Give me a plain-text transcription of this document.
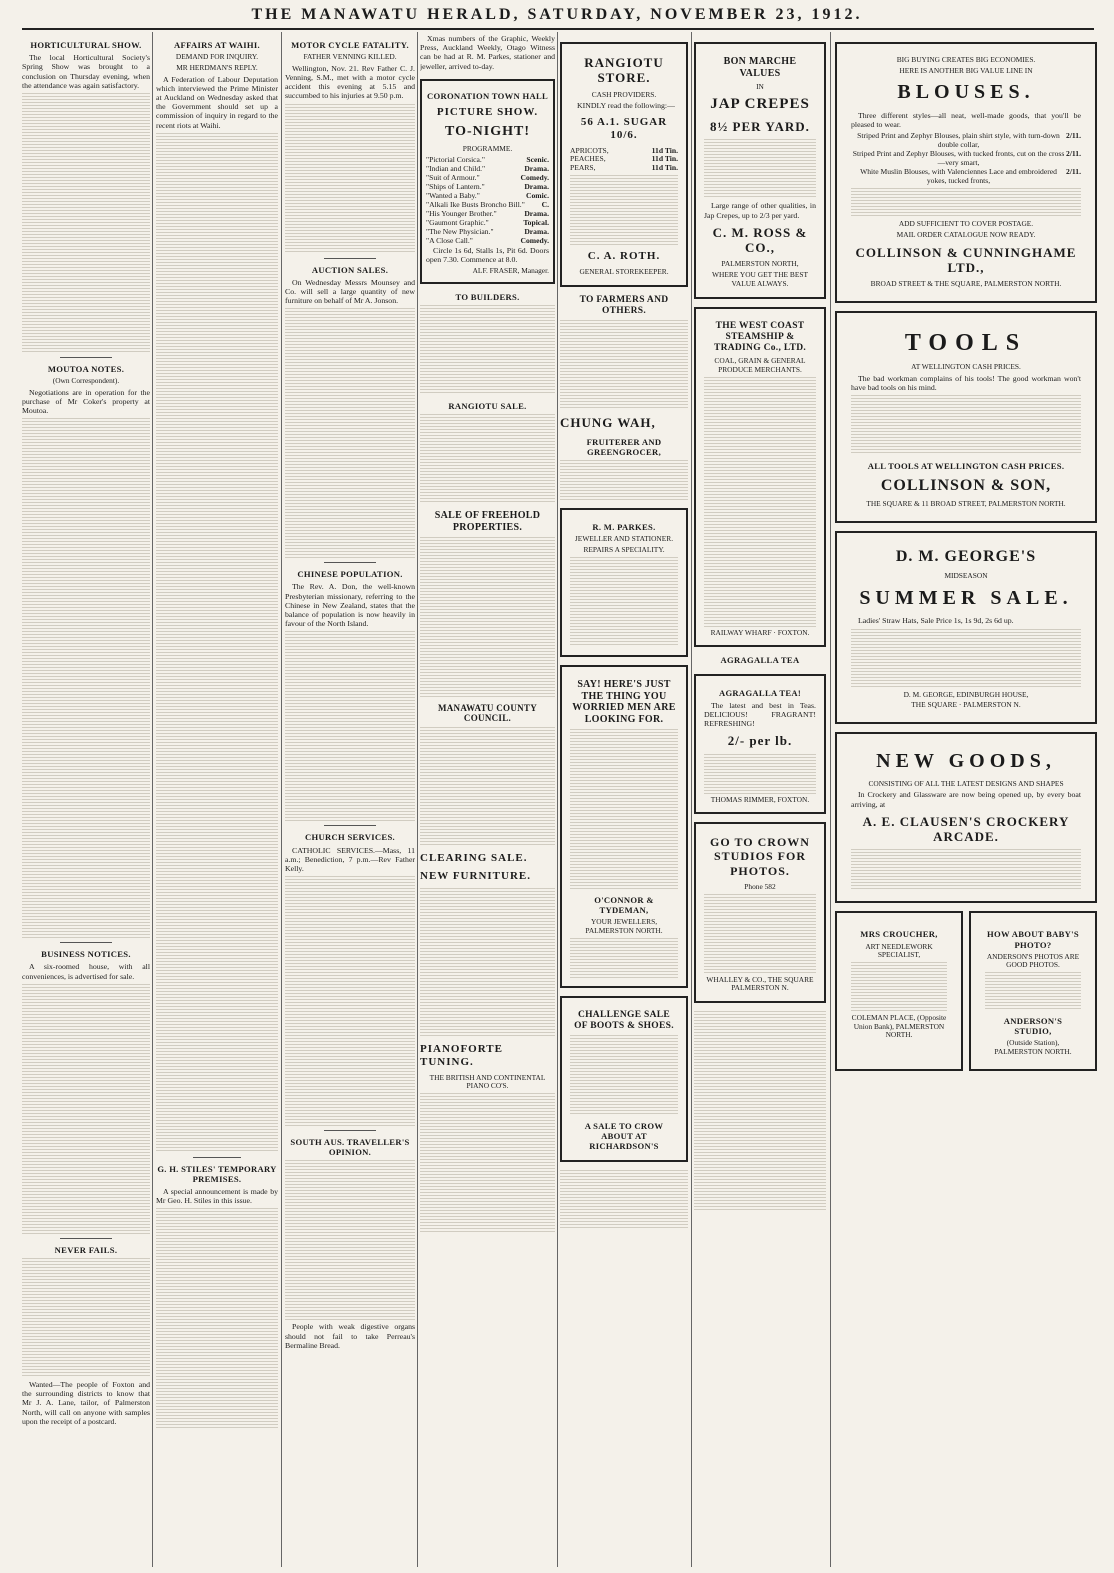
THE MANAWATU HERALD, SATURDAY, NOVEMBER 23, 1912.
HORTICULTURAL SHOW.

The local Horticultural Society's Spring Show was brought to a conclusion on Thursday evening, when the attendance was again satisfactory.

MOUTOA NOTES.
(Own Correspondent).

Negotiations are in operation for the purchase of Mr Coker's property at Moutoa.

BUSINESS NOTICES.

A six-roomed house, with all conveniences, is advertised for sale.

NEVER FAILS.

Wanted—The people of Foxton and the surrounding districts to know that Mr J. A. Lane, tailor, of Palmerston North, will call on anyone with samples upon the receipt of a postcard.

AFFAIRS AT WAIHI.
DEMAND FOR INQUIRY.
MR HERDMAN'S REPLY.

A Federation of Labour Deputation which interviewed the Prime Minister at Auckland on Wednesday asked that the Government should set up a commission of inquiry in regard to the recent riots at Waihi.

G. H. STILES' TEMPORARY PREMISES.

A special announcement is made by Mr Geo. H. Stiles in this issue.

MOTOR CYCLE FATALITY.
FATHER VENNING KILLED.

Wellington, Nov. 21. Rev Father C. J. Venning, S.M., met with a motor cycle accident this evening at 5.15 and succumbed to his injuries at 9.50 p.m.

AUCTION SALES.

On Wednesday Messrs Mounsey and Co. will sell a large quantity of new furniture on behalf of Mr A. Jonson.

CHINESE POPULATION.

The Rev. A. Don, the well-known Presbyterian missionary, referring to the Chinese in New Zealand, states that the balance of population is now heavily in favour of the North Island.

CHURCH SERVICES.

CATHOLIC SERVICES.—Mass, 11 a.m.; Benediction, 7 p.m.—Rev Father Kelly.

SOUTH AUS. TRAVELLER'S OPINION.

People with weak digestive organs should not fail to take Perreau's Bermaline Bread.

Xmas numbers of the Graphic, Weekly Press, Auckland Weekly, Otago Witness can be had at R. M. Parkes, stationer and jeweller, arrived to-day.

CORONATION TOWN HALL
PICTURE SHOW.
TO-NIGHT!
PROGRAMME.
"Pictorial Corsica."	Scenic.
"Indian and Child."	Drama.
"Suit of Armour."	Comedy.
"Ships of Lantern."	Drama.
"Wanted a Baby."	Comic.
"Alkali Ike Busts Broncho Bill." C.
"His Younger Brother."	Drama.
"Gaumont Graphic."	Topical.
"The New Physician."	Drama.
"A Close Call."	Comedy.

Circle 1s 6d, Stalls 1s, Pit 6d. Doors open 7.30. Commence at 8.0.

ALF. FRASER, Manager.
TO BUILDERS.
RANGIOTU SALE.
SALE OF FREEHOLD PROPERTIES.
MANAWATU COUNTY COUNCIL.
CLEARING SALE.
NEW FURNITURE.
PIANOFORTE TUNING.
THE BRITISH AND CONTINENTAL PIANO CO'S.
RANGIOTU STORE.
CASH PROVIDERS.

KINDLY read the following:—

56 A.1. SUGAR 10/6.
APRICOTS,	11d Tin.
PEACHES,	11d Tin.
PEARS,	11d Tin.
C. A. ROTH.
GENERAL STOREKEEPER.
TO FARMERS AND OTHERS.
CHUNG WAH,
FRUITERER AND GREENGROCER,
R. M. PARKES.
JEWELLER AND STATIONER.
REPAIRS A SPECIALITY.
SAY! HERE'S JUST THE THING YOU WORRIED MEN ARE LOOKING FOR.
O'CONNOR & TYDEMAN,
YOUR JEWELLERS, PALMERSTON NORTH.
CHALLENGE SALE OF BOOTS & SHOES.
A SALE TO CROW ABOUT AT RICHARDSON'S
BON MARCHE VALUES
IN
JAP CREPES
8½ PER YARD.

Large range of other qualities, in Jap Crepes, up to 2/3 per yard.

C. M. ROSS & CO.,
PALMERSTON NORTH,
WHERE YOU GET THE BEST VALUE ALWAYS.
THE WEST COAST STEAMSHIP & TRADING Co., LTD.
COAL, GRAIN & GENERAL PRODUCE MERCHANTS.
RAILWAY WHARF · FOXTON.
AGRAGALLA TEA
AGRAGALLA TEA!

The latest and best in Teas. DELICIOUS! FRAGRANT! REFRESHING!

2/- per lb.
THOMAS RIMMER, FOXTON.
GO TO CROWN STUDIOS FOR PHOTOS.
Phone 582
WHALLEY & CO., THE SQUARE PALMERSTON N.
BIG BUYING CREATES BIG ECONOMIES.
HERE IS ANOTHER BIG VALUE LINE IN
BLOUSES.

Three different styles—all neat, well-made goods, that you'll be pleased to wear.

Striped Print and Zephyr Blouses, plain shirt style, with turn-down double collar,
2/11.
Striped Print and Zephyr Blouses, with tucked fronts, cut on the cross—very smart,
2/11.
White Muslin Blouses, with Valenciennes Lace and embroidered yokes, tucked fronts,
2/11.
ADD SUFFICIENT TO COVER POSTAGE.
MAIL ORDER CATALOGUE NOW READY.
COLLINSON & CUNNINGHAME LTD.,
BROAD STREET & THE SQUARE, PALMERSTON NORTH.
TOOLS
AT WELLINGTON CASH PRICES.

The bad workman complains of his tools! The good workman won't have bad tools on his mind.

ALL TOOLS AT WELLINGTON CASH PRICES.
COLLINSON & SON,
THE SQUARE & 11 BROAD STREET, PALMERSTON NORTH.
D. M. GEORGE'S
MIDSEASON
SUMMER SALE.

Ladies' Straw Hats, Sale Price 1s, 1s 9d, 2s 6d up.

D. M. GEORGE, EDINBURGH HOUSE,
THE SQUARE · PALMERSTON N.
NEW GOODS,
CONSISTING OF ALL THE LATEST DESIGNS AND SHAPES

In Crockery and Glassware are now being opened up, by every boat arriving, at

A. E. CLAUSEN'S CROCKERY ARCADE.
MRS CROUCHER,
ART NEEDLEWORK SPECIALIST,
COLEMAN PLACE, (Opposite Union Bank), PALMERSTON NORTH.
HOW ABOUT BABY'S PHOTO?
ANDERSON'S PHOTOS ARE GOOD PHOTOS.
ANDERSON'S STUDIO,
(Outside Station), PALMERSTON NORTH.
